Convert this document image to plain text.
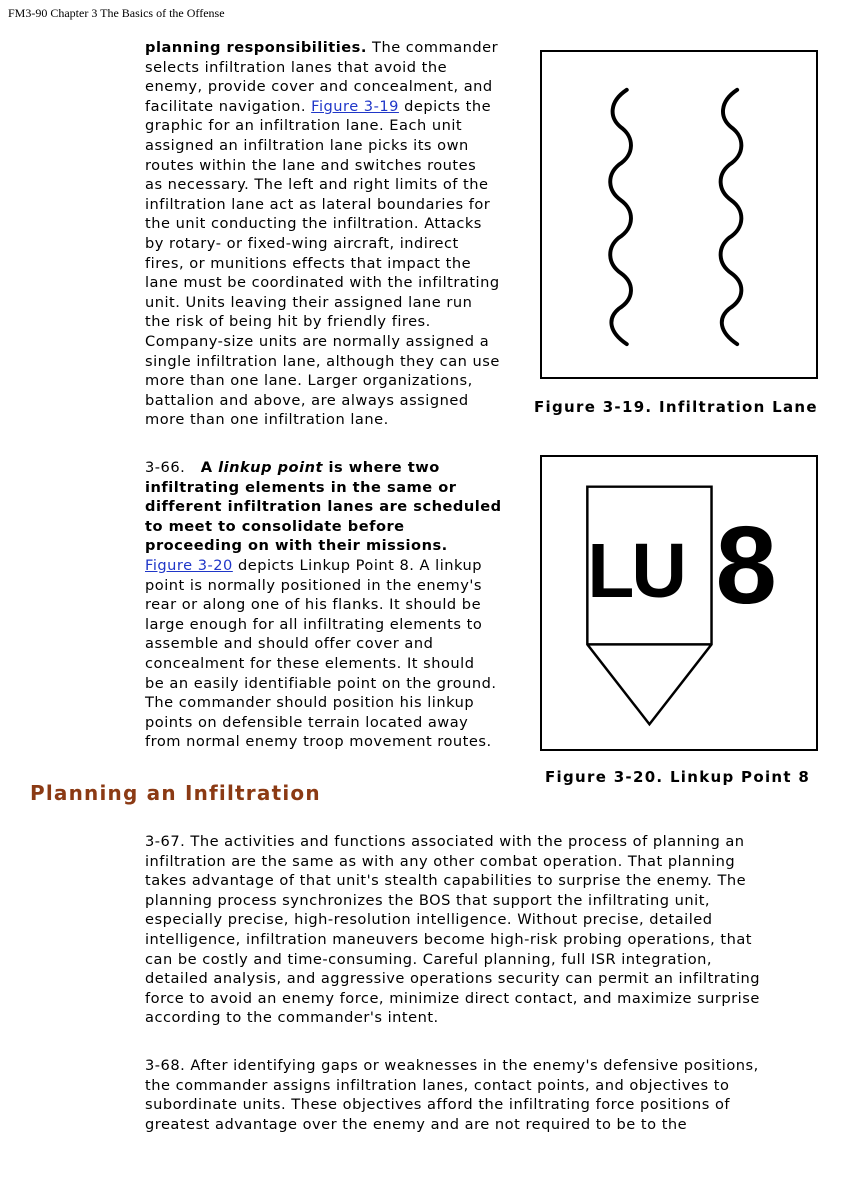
FM3-90 Chapter 3 The Basics of the Offense
planning responsibilities. The commander
selects infiltration lanes that avoid the
enemy, provide cover and concealment, and
facilitate navigation. Figure 3-19 depicts the
graphic for an infiltration lane. Each unit
assigned an infiltration lane picks its own
routes within the lane and switches routes
as necessary. The left and right limits of the
infiltration lane act as lateral boundaries for
the unit conducting the infiltration. Attacks
by rotary- or fixed-wing aircraft, indirect
fires, or munitions effects that impact the
lane must be coordinated with the infiltrating
unit. Units leaving their assigned lane run
the risk of being hit by friendly fires.
Company-size units are normally assigned a
single infiltration lane, although they can use
more than one lane. Larger organizations,
battalion and above, are always assigned
more than one infiltration lane.
Figure 3-19. Infiltration Lane
3-66. A linkup point is where two
infiltrating elements in the same or
different infiltration lanes are scheduled
to meet to consolidate before
proceeding on with their missions.
Figure 3-20 depicts Linkup Point 8. A linkup
point is normally positioned in the enemy's
rear or along one of his flanks. It should be
large enough for all infiltrating elements to
assemble and should offer cover and
concealment for these elements. It should
be an easily identifiable point on the ground.
The commander should position his linkup
points on defensible terrain located away
from normal enemy troop movement routes.
LU 8
Figure 3-20. Linkup Point 8
Planning an Infiltration
3-67. The activities and functions associated with the process of planning an
infiltration are the same as with any other combat operation. That planning
takes advantage of that unit's stealth capabilities to surprise the enemy. The
planning process synchronizes the BOS that support the infiltrating unit,
especially precise, high-resolution intelligence. Without precise, detailed
intelligence, infiltration maneuvers become high-risk probing operations, that
can be costly and time-consuming. Careful planning, full ISR integration,
detailed analysis, and aggressive operations security can permit an infiltrating
force to avoid an enemy force, minimize direct contact, and maximize surprise
according to the commander's intent.
3-68. After identifying gaps or weaknesses in the enemy's defensive positions,
the commander assigns infiltration lanes, contact points, and objectives to
subordinate units. These objectives afford the infiltrating force positions of
greatest advantage over the enemy and are not required to be to the
